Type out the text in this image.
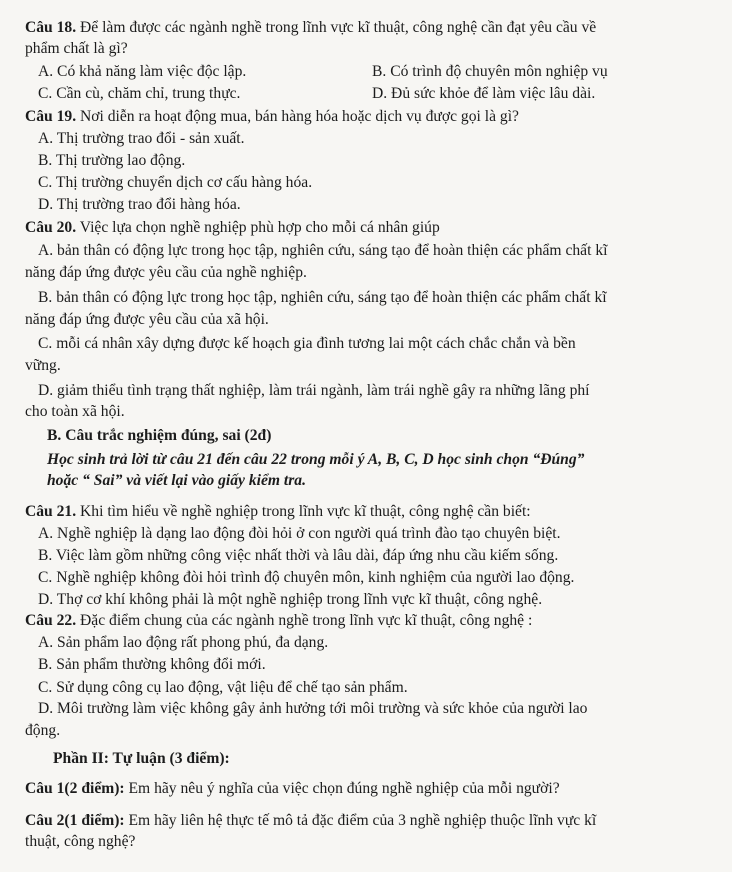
Câu 18. Để làm được các ngành nghề trong lĩnh vực kĩ thuật, công nghệ cần đạt yêu cầu về
phẩm chất là gì?
A. Có khả năng làm việc độc lập.	B. Có trình độ chuyên môn nghiệp vụ
C. Cần cù, chăm chỉ, trung thực.	D. Đủ sức khỏe để làm việc lâu dài.
Câu 19. Nơi diễn ra hoạt động mua, bán hàng hóa hoặc dịch vụ được gọi là gì?
A. Thị trường trao đổi - sản xuất.
B. Thị trường lao động.
C. Thị trường chuyển dịch cơ cấu hàng hóa.
D. Thị trường trao đổi hàng hóa.
Câu 20. Việc lựa chọn nghề nghiệp phù hợp cho mỗi cá nhân giúp
A. bản thân có động lực trong học tập, nghiên cứu, sáng tạo để hoàn thiện các phẩm chất kĩ
năng đáp ứng được yêu cầu của nghề nghiệp.
B. bản thân có động lực trong học tập, nghiên cứu, sáng tạo để hoàn thiện các phẩm chất kĩ
năng đáp ứng được yêu cầu của xã hội.
C. mỗi cá nhân xây dựng được kế hoạch gia đình tương lai một cách chắc chắn và bền
vững.
D. giảm thiểu tình trạng thất nghiệp, làm trái ngành, làm trái nghề gây ra những lãng phí
cho toàn xã hội.
B. Câu trắc nghiệm đúng, sai (2đ)
Học sinh trả lời từ câu 21 đến câu 22 trong mỗi ý A, B, C, D học sinh chọn “Đúng”
hoặc “ Sai” và viết lại vào giấy kiểm tra.
Câu 21. Khi tìm hiểu về nghề nghiệp trong lĩnh vực kĩ thuật, công nghệ cần biết:
A. Nghề nghiệp là dạng lao động đòi hỏi ở con người quá trình đào tạo chuyên biệt.
B. Việc làm gồm những công việc nhất thời và lâu dài, đáp ứng nhu cầu kiếm sống.
C. Nghề nghiệp không đòi hỏi trình độ chuyên môn, kinh nghiệm của người lao động.
D. Thợ cơ khí không phải là một nghề nghiệp trong lĩnh vực kĩ thuật, công nghệ.
Câu 22. Đặc điểm chung của các ngành nghề trong lĩnh vực kĩ thuật, công nghệ :
A. Sản phẩm lao động rất phong phú, đa dạng.
B. Sản phẩm thường không đổi mới.
C. Sử dụng công cụ lao động, vật liệu để chế tạo sản phẩm.
D. Môi trường làm việc không gây ảnh hưởng tới môi trường và sức khỏe của người lao
động.
Phần II: Tự luận (3 điểm):
Câu 1(2 điểm): Em hãy nêu ý nghĩa của việc chọn đúng nghề nghiệp của mỗi người?
Câu 2(1 điểm): Em hãy liên hệ thực tế mô tả đặc điểm của 3 nghề nghiệp thuộc lĩnh vực kĩ
thuật, công nghệ?
